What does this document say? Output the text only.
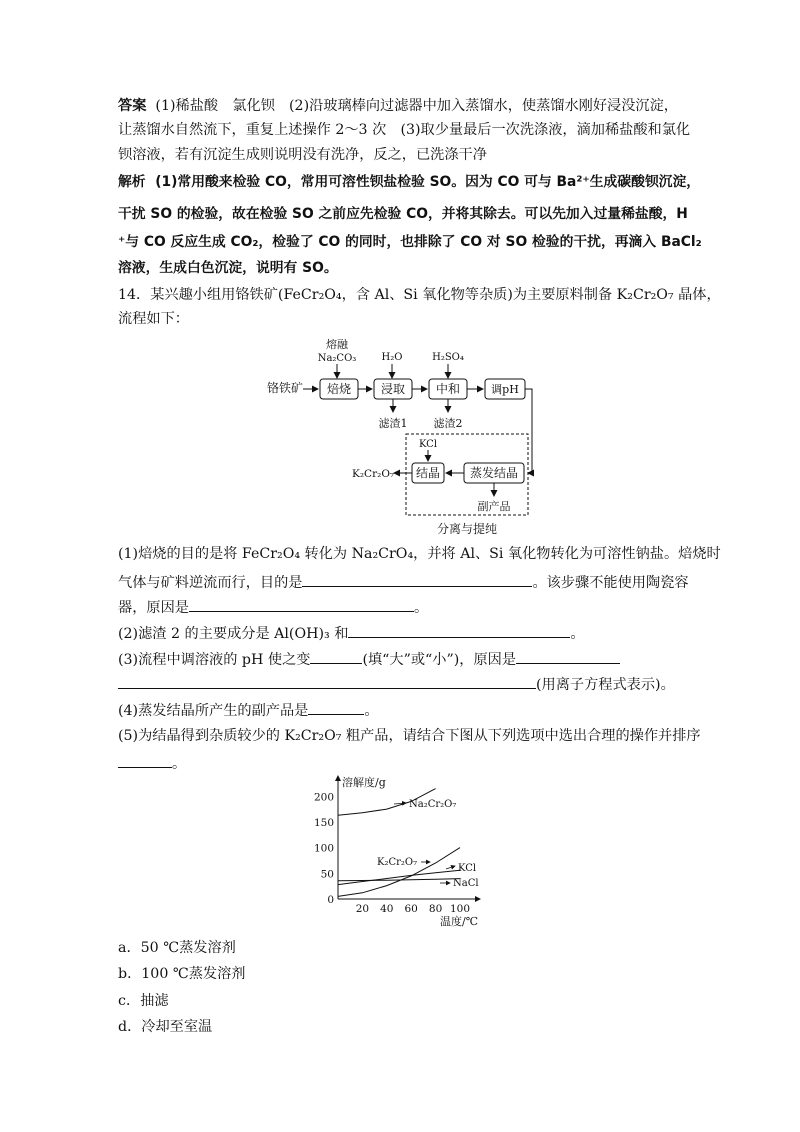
答案 (1)稀盐酸　氯化钡　(2)沿玻璃棒向过滤器中加入蒸馏水，使蒸馏水刚好浸没沉淀，
让蒸馏水自然流下，重复上述操作 2～3 次　(3)取少量最后一次洗涤液，滴加稀盐酸和氯化
钡溶液，若有沉淀生成则说明没有洗净，反之，已洗涤干净
解析 (1)常用酸来检验 CO，常用可溶性钡盐检验 SO。因为 CO 可与 Ba²⁺生成碳酸钡沉淀，
干扰 SO 的检验，故在检验 SO 之前应先检验 CO，并将其除去。可以先加入过量稀盐酸，H
⁺与 CO 反应生成 CO₂，检验了 CO 的同时，也排除了 CO 对 SO 检验的干扰，再滴入 BaCl₂
溶液，生成白色沉淀，说明有 SO。
14．某兴趣小组用铬铁矿(FeCr₂O₄，含 Al、Si 氧化物等杂质)为主要原料制备 K₂Cr₂O₇ 晶体，
流程如下：
熔融
Na₂CO₃	H₂O	H₂SO₄
铬铁矿 焙烧 浸取	中和	调pH
滤渣1 滤渣2
KCl
结晶 蒸发结晶
K₂Cr₂O₇
副产品
分离与提纯
(1)焙烧的目的是将 FeCr₂O₄ 转化为 Na₂CrO₄，并将 Al、Si 氧化物转化为可溶性钠盐。焙烧时
气体与矿料逆流而行，目的是	。该步骤不能使用陶瓷容
器，原因是	。
(2)滤渣 2 的主要成分是 Al(OH)₃ 和	。
(3)流程中调溶液的 pH 使之变	(填“大”或“小”)，原因是
(用离子方程式表示)。
(4)蒸发结晶所产生的副产品是	。
(5)为结晶得到杂质较少的 K₂Cr₂O₇ 粗产品，请结合下图从下列选项中选出合理的操作并排序
。
0
50
100
150
200
20 40 60 80 100
Na₂Cr₂O₇
K₂Cr₂O₇
KCl
NaCl
溶解度/g
温度/℃
a．50 ℃蒸发溶剂
b．100 ℃蒸发溶剂
c．抽滤
d．冷却至室温
